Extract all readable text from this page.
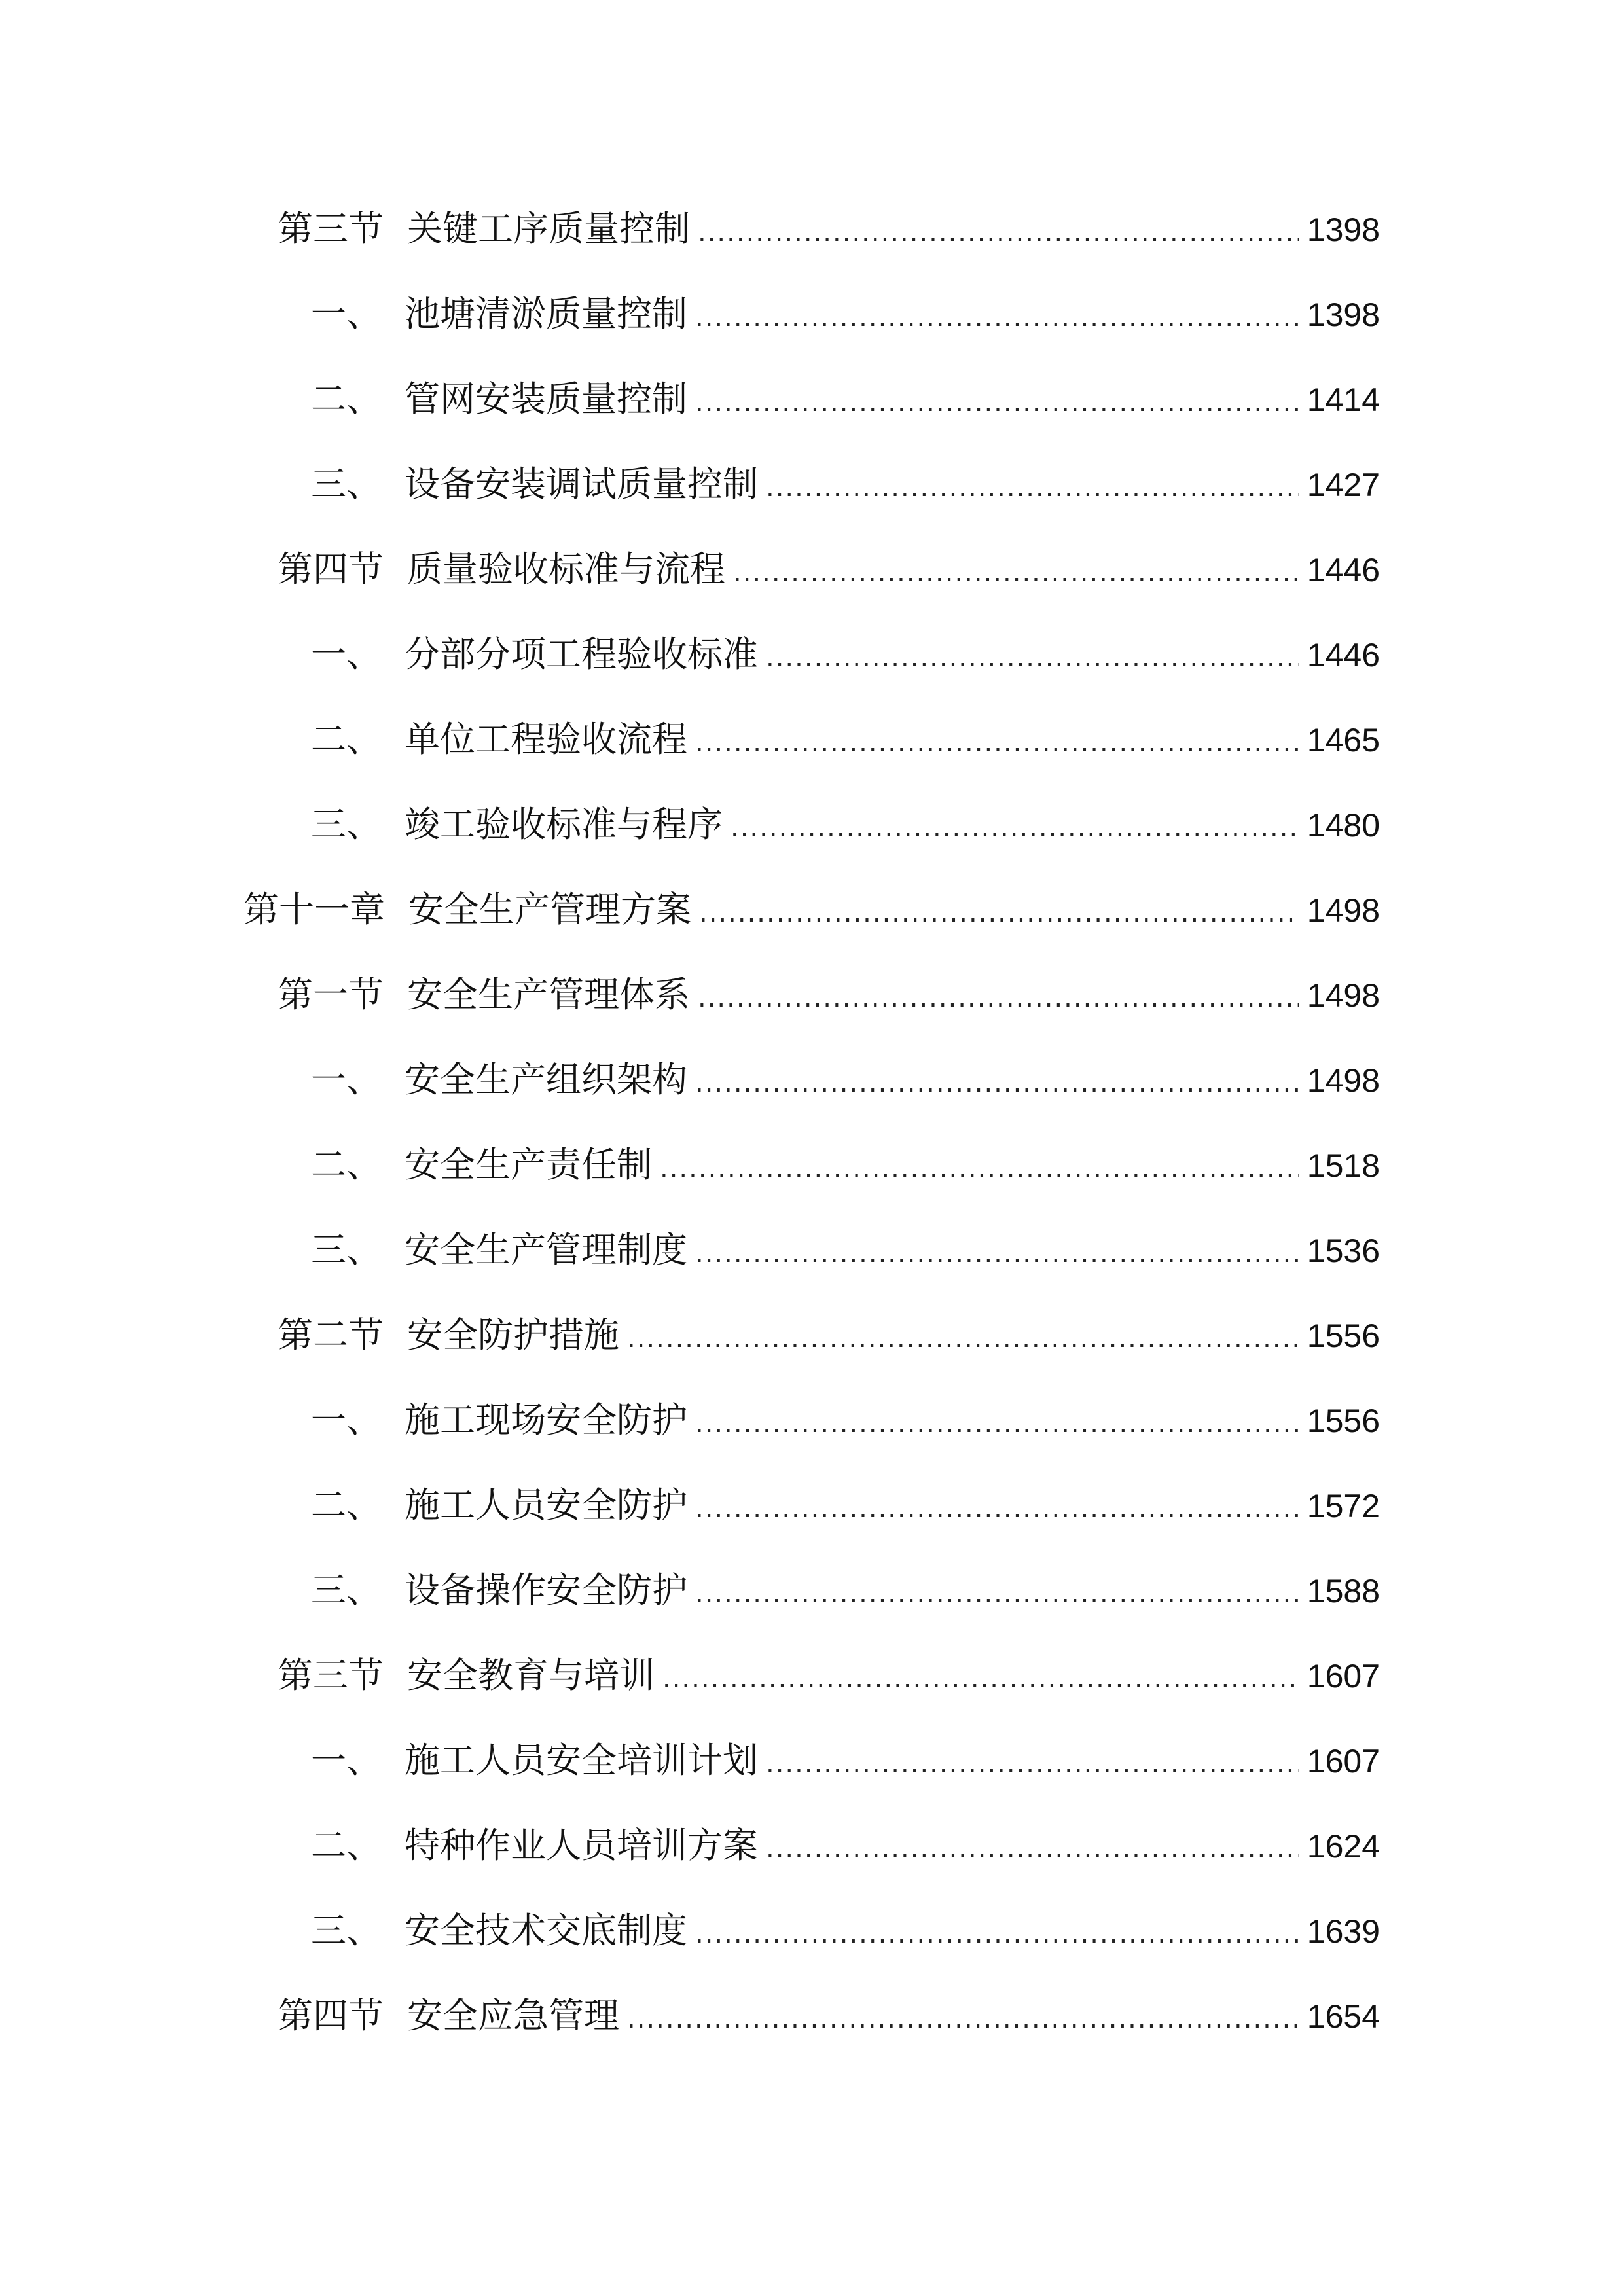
第三节 关键工序质量控制 .....	1398
一、 池塘清淤质量控制 .....	1398
二、 管网安装质量控制 .....	1414
三、 设备安装调试质量控制 .....	1427
第四节 质量验收标准与流程 .....	1446
一、 分部分项工程验收标准 .....	1446
二、 单位工程验收流程 .....	1465
三、 竣工验收标准与程序 .....	1480
第十一章 安全生产管理方案 .....	1498
第一节 安全生产管理体系 .....	1498
一、 安全生产组织架构 .....	1498
二、 安全生产责任制 .....	1518
三、 安全生产管理制度 .....	1536
第二节 安全防护措施 .....	1556
一、 施工现场安全防护 .....	1556
二、 施工人员安全防护 .....	1572
三、 设备操作安全防护 .....	1588
第三节 安全教育与培训 .....	1607
一、 施工人员安全培训计划 .....	1607
二、 特种作业人员培训方案 .....	1624
三、 安全技术交底制度 .....	1639
第四节 安全应急管理 .....	1654
